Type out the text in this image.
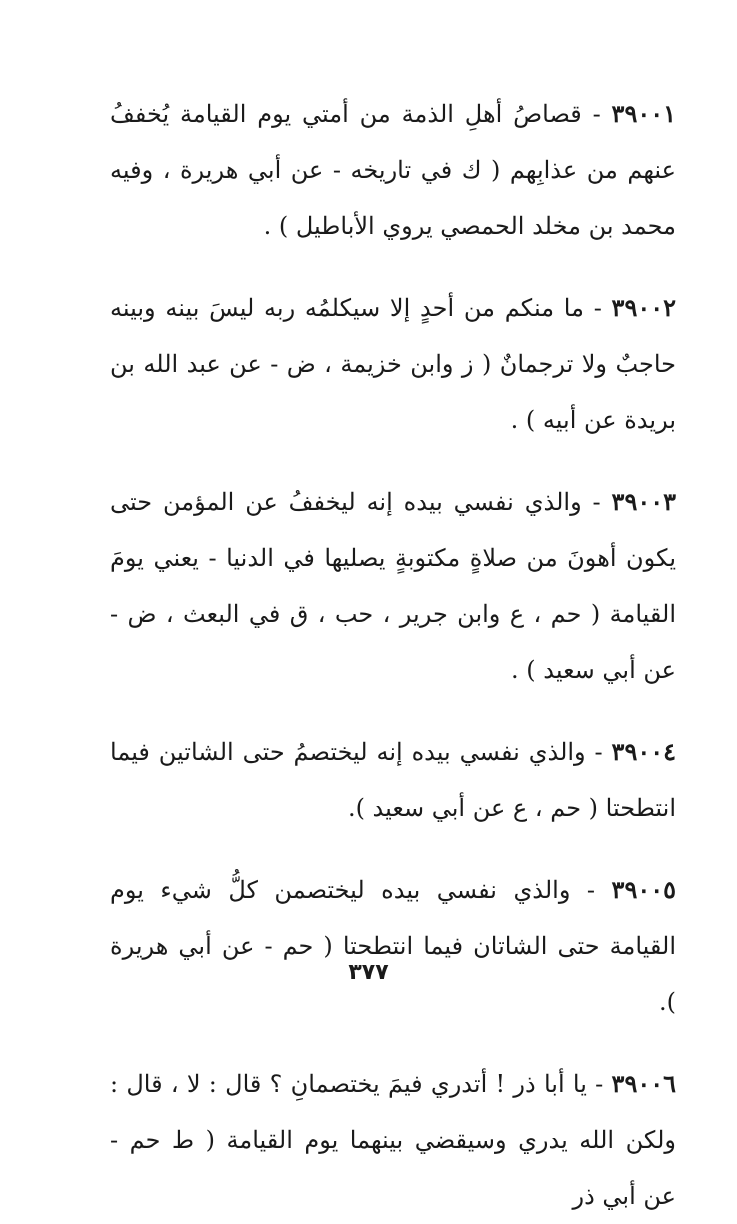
٣٩٠٠١ - قصاصُ أهلِ الذمة من أمتي يوم القيامة يُخففُ عنهم من عذابِهم ( ك في تاريخه - عن أبي هريرة ، وفيه محمد بن مخلد الحمصي يروي الأباطيل ) .

٣٩٠٠٢ - ما منكم من أحدٍ إلا سيكلمُه ربه ليسَ بينه وبينه حاجبٌ ولا ترجمانٌ ( ز وابن خزيمة ، ض - عن عبد الله بن بريدة عن أبيه ) .

٣٩٠٠٣ - والذي نفسي بيده إنه ليخففُ عن المؤمن حتى يكون أهونَ من صلاةٍ مكتوبةٍ يصليها في الدنيا - يعني يومَ القيامة ( حم ، ع وابن جرير ، حب ، ق في البعث ، ض - عن أبي سعيد ) .

٣٩٠٠٤ - والذي نفسي بيده إنه ليختصمُ حتى الشاتين فيما انتطحتا ( حم ، ع عن أبي سعيد ).

٣٩٠٠٥ - والذي نفسي بيده ليختصمن كلُّ شيء يوم القيامة حتى الشاتان فيما انتطحتا ( حم - عن أبي هريرة ).

٣٩٠٠٦ - يا أبا ذر ! أتدري فيمَ يختصمانِ ؟ قال : لا ، قال : ولكن الله يدري وسيقضي بينهما يوم القيامة ( ط حم - عن أبي ذر

٣٧٧
